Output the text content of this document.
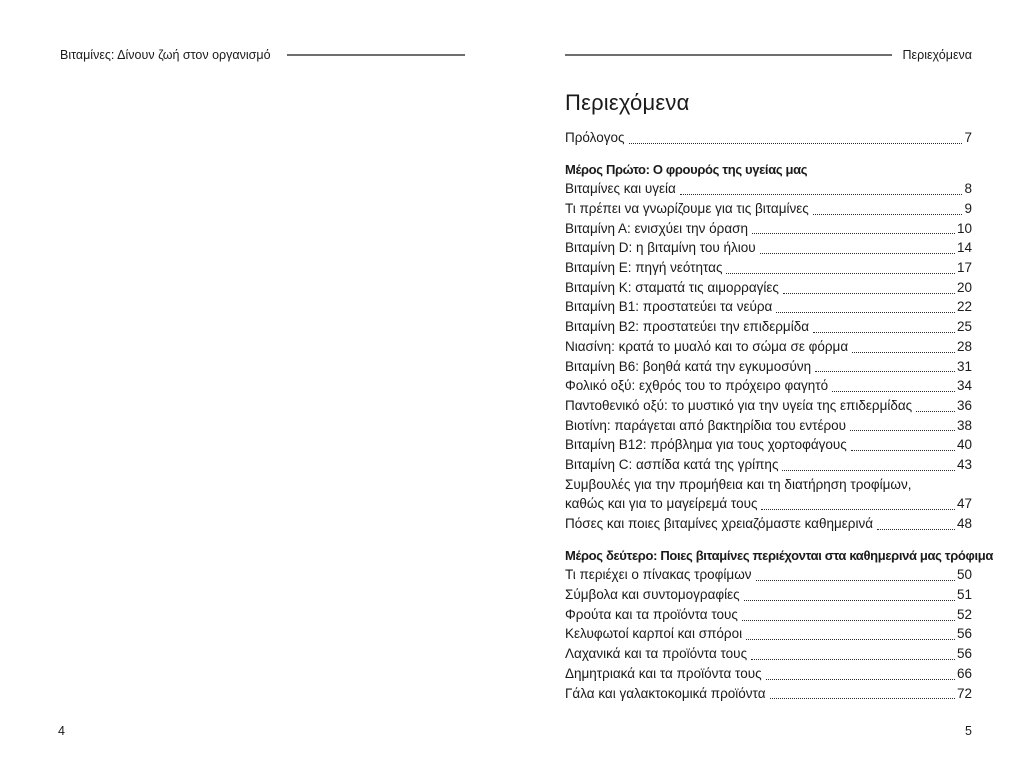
Βιταμίνες: Δίνουν ζωή στον οργανισμό
4
Περιεχόμενα
Περιεχόμενα
Πρόλογος	7
Μέρος Πρώτο: Ο φρουρός της υγείας μας
Βιταμίνες και υγεία	8
Τι πρέπει να γνωρίζουμε για τις βιταμίνες	9
Βιταμίνη Α: ενισχύει την όραση	10
Βιταμίνη D: η βιταμίνη του ήλιου	14
Βιταμίνη Ε: πηγή νεότητας	17
Βιταμίνη Κ: σταματά τις αιμορραγίες	20
Βιταμίνη Β1: προστατεύει τα νεύρα	22
Βιταμίνη Β2: προστατεύει την επιδερμίδα	25
Νιασίνη: κρατά το μυαλό και το σώμα σε φόρμα	28
Βιταμίνη Β6: βοηθά κατά την εγκυμοσύνη	31
Φολικό οξύ: εχθρός του το πρόχειρο φαγητό	34
Παντοθενικό οξύ: το μυστικό για την υγεία της επιδερμίδας	36
Βιοτίνη: παράγεται από βακτηρίδια του εντέρου	38
Βιταμίνη Β12: πρόβλημα για τους χορτοφάγους	40
Βιταμίνη C: ασπίδα κατά της γρίπης	43
Συμβουλές για την προμήθεια και τη διατήρηση τροφίμων,
καθώς και για το μαγείρεμά τους	47
Πόσες και ποιες βιταμίνες χρειαζόμαστε καθημερινά	48
Μέρος δεύτερο: Ποιες βιταμίνες περιέχονται στα καθημερινά μας τρόφιμα
Τι περιέχει ο πίνακας τροφίμων	50
Σύμβολα και συντομογραφίες	51
Φρούτα και τα προϊόντα τους	52
Κελυφωτοί καρποί και σπόροι	56
Λαχανικά και τα προϊόντα τους	56
Δημητριακά και τα προϊόντα τους	66
Γάλα και γαλακτοκομικά προϊόντα	72
5
